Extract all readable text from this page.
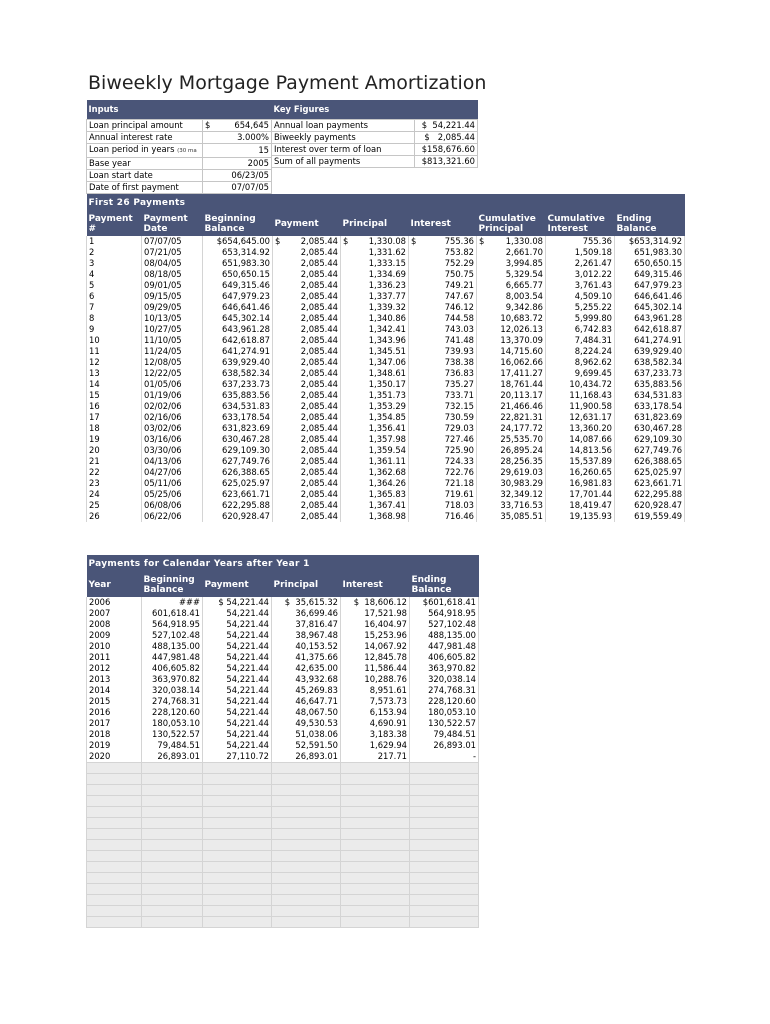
Biweekly Mortgage Payment Amortization
Inputs	
Loan principal amount	$ 654,645
Annual interest rate	3.000%
Loan period in years (30 ma	15
Base year	2005
Loan start date	06/23/05
Date of first payment	07/07/05
Key Figures	
Annual loan payments	$  54,221.44
Biweekly payments	$   2,085.44
Interest over term of loan	$158,676.60
Sum of all payments	$813,321.60
First 26 Payments								
Payment #	Payment Date	Beginning Balance	Payment	Principal	Interest	Cumulative Principal	Cumulative Interest	Ending Balance
1	07/07/05	$654,645.00	$ 2,085.44	$ 1,330.08	$ 755.36	$ 1,330.08	755.36	$653,314.92
2	07/21/05	653,314.92	2,085.44	1,331.62	753.82	2,661.70	1,509.18	651,983.30
3	08/04/05	651,983.30	2,085.44	1,333.15	752.29	3,994.85	2,261.47	650,650.15
4	08/18/05	650,650.15	2,085.44	1,334.69	750.75	5,329.54	3,012.22	649,315.46
5	09/01/05	649,315.46	2,085.44	1,336.23	749.21	6,665.77	3,761.43	647,979.23
6	09/15/05	647,979.23	2,085.44	1,337.77	747.67	8,003.54	4,509.10	646,641.46
7	09/29/05	646,641.46	2,085.44	1,339.32	746.12	9,342.86	5,255.22	645,302.14
8	10/13/05	645,302.14	2,085.44	1,340.86	744.58	10,683.72	5,999.80	643,961.28
9	10/27/05	643,961.28	2,085.44	1,342.41	743.03	12,026.13	6,742.83	642,618.87
10	11/10/05	642,618.87	2,085.44	1,343.96	741.48	13,370.09	7,484.31	641,274.91
11	11/24/05	641,274.91	2,085.44	1,345.51	739.93	14,715.60	8,224.24	639,929.40
12	12/08/05	639,929.40	2,085.44	1,347.06	738.38	16,062.66	8,962.62	638,582.34
13	12/22/05	638,582.34	2,085.44	1,348.61	736.83	17,411.27	9,699.45	637,233.73
14	01/05/06	637,233.73	2,085.44	1,350.17	735.27	18,761.44	10,434.72	635,883.56
15	01/19/06	635,883.56	2,085.44	1,351.73	733.71	20,113.17	11,168.43	634,531.83
16	02/02/06	634,531.83	2,085.44	1,353.29	732.15	21,466.46	11,900.58	633,178.54
17	02/16/06	633,178.54	2,085.44	1,354.85	730.59	22,821.31	12,631.17	631,823.69
18	03/02/06	631,823.69	2,085.44	1,356.41	729.03	24,177.72	13,360.20	630,467.28
19	03/16/06	630,467.28	2,085.44	1,357.98	727.46	25,535.70	14,087.66	629,109.30
20	03/30/06	629,109.30	2,085.44	1,359.54	725.90	26,895.24	14,813.56	627,749.76
21	04/13/06	627,749.76	2,085.44	1,361.11	724.33	28,256.35	15,537.89	626,388.65
22	04/27/06	626,388.65	2,085.44	1,362.68	722.76	29,619.03	16,260.65	625,025.97
23	05/11/06	625,025.97	2,085.44	1,364.26	721.18	30,983.29	16,981.83	623,661.71
24	05/25/06	623,661.71	2,085.44	1,365.83	719.61	32,349.12	17,701.44	622,295.88
25	06/08/06	622,295.88	2,085.44	1,367.41	718.03	33,716.53	18,419.47	620,928.47
26	06/22/06	620,928.47	2,085.44	1,368.98	716.46	35,085.51	19,135.93	619,559.49
Payments for Calendar Years after Year 1					
Year	Beginning Balance	Payment	Principal	Interest	Ending Balance
2006	###	$ 54,221.44	$  35,615.32	$  18,606.12	$601,618.41
2007	601,618.41	54,221.44	36,699.46	17,521.98	564,918.95
2008	564,918.95	54,221.44	37,816.47	16,404.97	527,102.48
2009	527,102.48	54,221.44	38,967.48	15,253.96	488,135.00
2010	488,135.00	54,221.44	40,153.52	14,067.92	447,981.48
2011	447,981.48	54,221.44	41,375.66	12,845.78	406,605.82
2012	406,605.82	54,221.44	42,635.00	11,586.44	363,970.82
2013	363,970.82	54,221.44	43,932.68	10,288.76	320,038.14
2014	320,038.14	54,221.44	45,269.83	8,951.61	274,768.31
2015	274,768.31	54,221.44	46,647.71	7,573.73	228,120.60
2016	228,120.60	54,221.44	48,067.50	6,153.94	180,053.10
2017	180,053.10	54,221.44	49,530.53	4,690.91	130,522.57
2018	130,522.57	54,221.44	51,038.06	3,183.38	79,484.51
2019	79,484.51	54,221.44	52,591.50	1,629.94	26,893.01
2020	26,893.01	27,110.72	26,893.01	217.71	-
